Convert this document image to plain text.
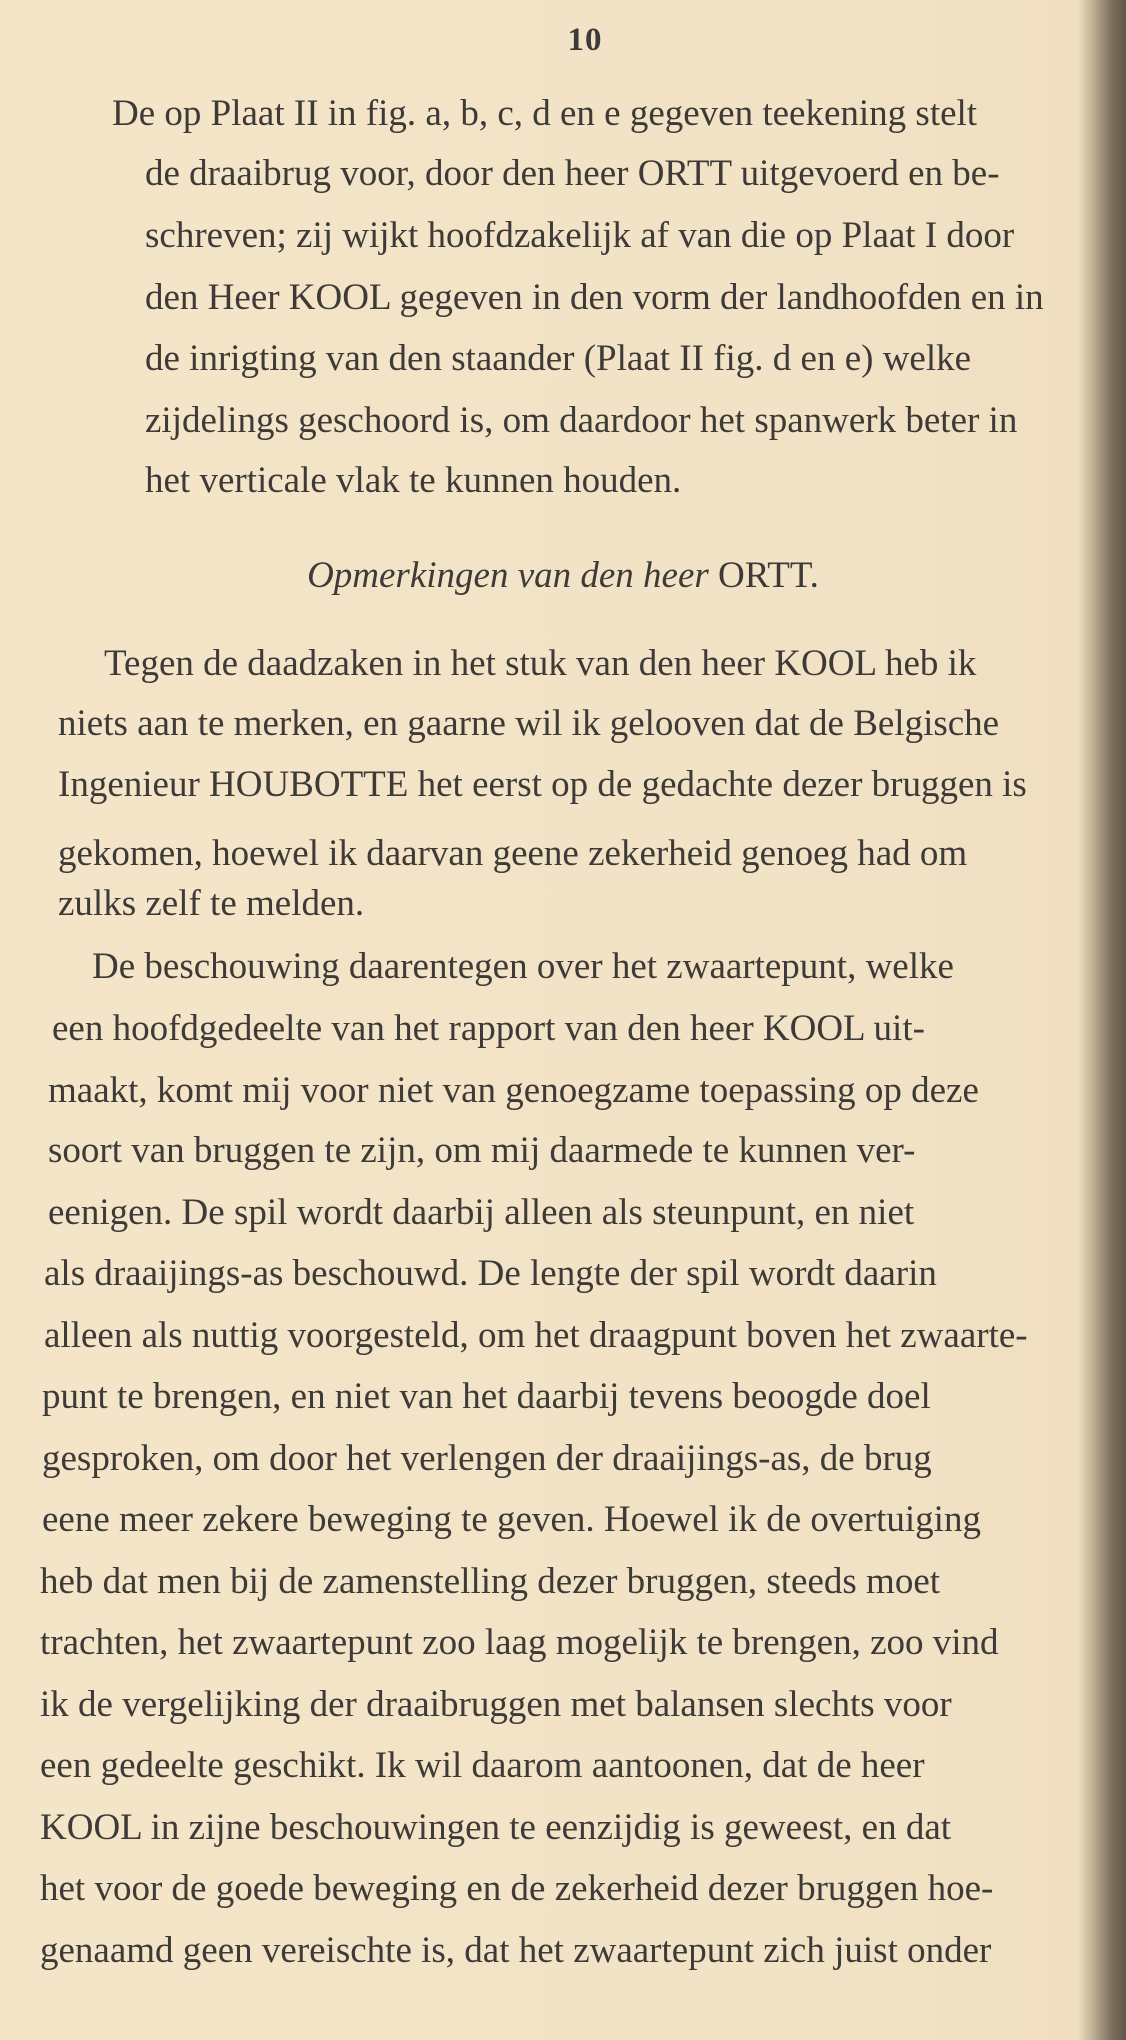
10
De op Plaat II in fig. a, b, c, d en e gegeven teekening stelt
de draaibrug voor, door den heer ORTT uitgevoerd en be-
schreven; zij wijkt hoofdzakelijk af van die op Plaat I door
den Heer KOOL gegeven in den vorm der landhoofden en in
de inrigting van den staander (Plaat II fig. d en e) welke
zijdelings geschoord is, om daardoor het spanwerk beter in
het verticale vlak te kunnen houden.
Opmerkingen van den heer ORTT.
Tegen de daadzaken in het stuk van den heer KOOL heb ik
niets aan te merken, en gaarne wil ik gelooven dat de Belgische
Ingenieur HOUBOTTE het eerst op de gedachte dezer bruggen is
gekomen, hoewel ik daarvan geene zekerheid genoeg had om
zulks zelf te melden.
De beschouwing daarentegen over het zwaartepunt, welke
een hoofdgedeelte van het rapport van den heer KOOL uit-
maakt, komt mij voor niet van genoegzame toepassing op deze
soort van bruggen te zijn, om mij daarmede te kunnen ver-
eenigen. De spil wordt daarbij alleen als steunpunt, en niet
als draaijings-as beschouwd. De lengte der spil wordt daarin
alleen als nuttig voorgesteld, om het draagpunt boven het zwaarte-
punt te brengen, en niet van het daarbij tevens beoogde doel
gesproken, om door het verlengen der draaijings-as, de brug
eene meer zekere beweging te geven. Hoewel ik de overtuiging
heb dat men bij de zamenstelling dezer bruggen, steeds moet
trachten, het zwaartepunt zoo laag mogelijk te brengen, zoo vind
ik de vergelijking der draaibruggen met balansen slechts voor
een gedeelte geschikt. Ik wil daarom aantoonen, dat de heer
KOOL in zijne beschouwingen te eenzijdig is geweest, en dat
het voor de goede beweging en de zekerheid dezer bruggen hoe-
genaamd geen vereischte is, dat het zwaartepunt zich juist onder
